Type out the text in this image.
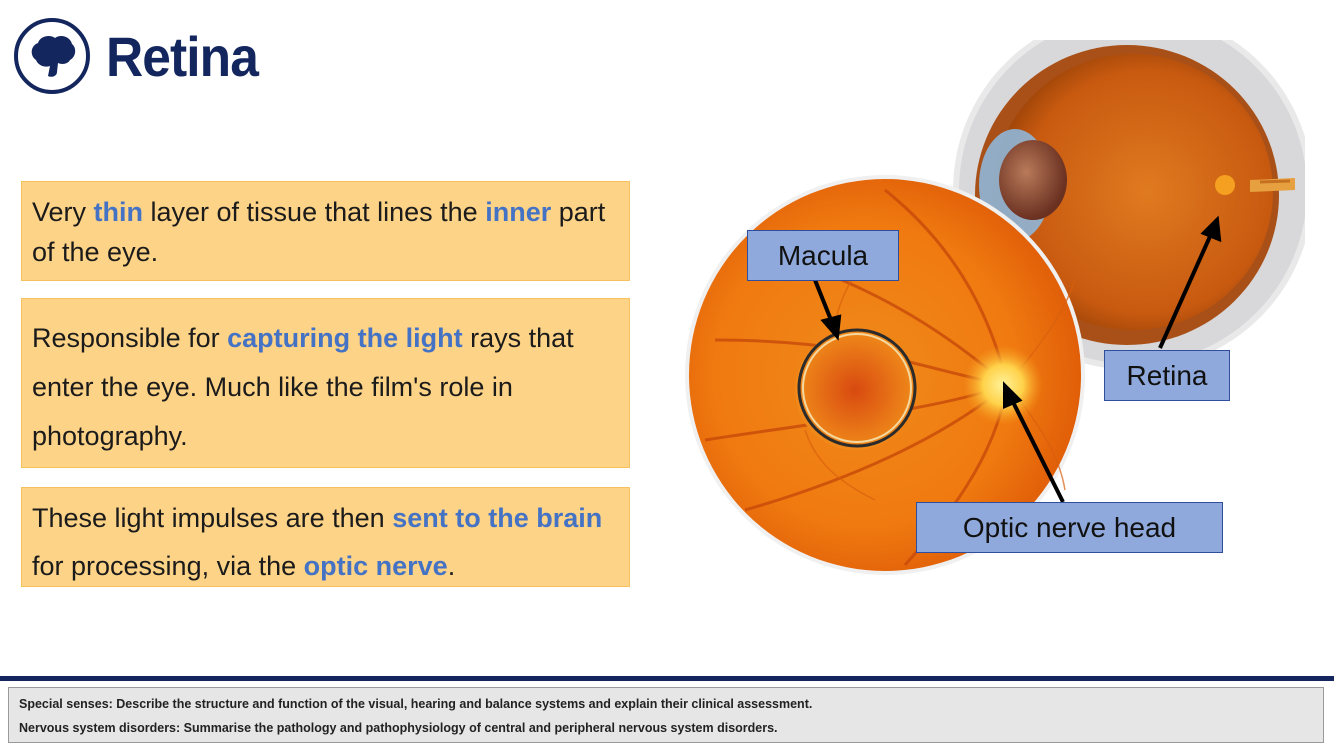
Retina
Very thin layer of tissue that lines the inner part of the eye.
Responsible for capturing the light rays that enter the eye. Much like the film's role in photography.
These light impulses are then sent to the brain for processing, via the optic nerve.
Macula
Retina
Optic nerve head
Special senses: Describe the structure and function of the visual, hearing and balance systems and explain their clinical assessment.
Nervous system disorders: Summarise the pathology and pathophysiology of central and peripheral nervous system disorders.
